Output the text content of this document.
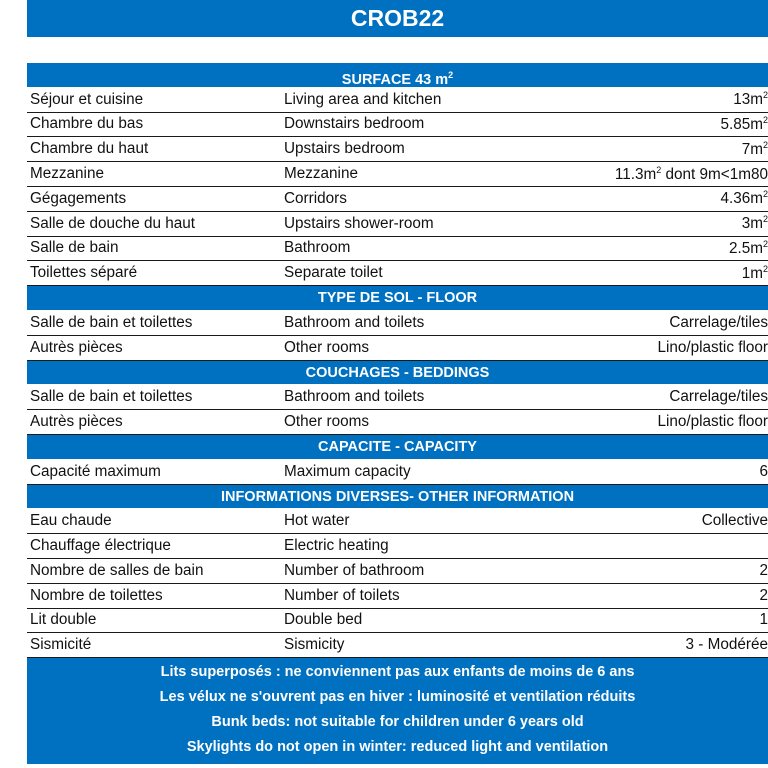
CROB22
SURFACE 43 $m^2$
Séjour et cuisine	Living area and kitchen	$13m^2$
Chambre du bas	Downstairs bedroom	$5.85m^2$
Chambre du haut	Upstairs bedroom	$7m^2$
Mezzanine	Mezzanine	$11.3m^2$ dont 9m<1m80
Gégagements	Corridors	$4.36m^2$
Salle de douche du haut	Upstairs shower-room	$3m^2$
Salle de bain	Bathroom	$2.5m^2$
Toilettes séparé	Separate toilet	$1m^2$
TYPE DE SOL - FLOOR
Salle de bain et toilettes	Bathroom and toilets	Carrelage/tiles
Autrès pièces	Other rooms	Lino/plastic floor
COUCHAGES - BEDDINGS
Salle de bain et toilettes	Bathroom and toilets	Carrelage/tiles
Autrès pièces	Other rooms	Lino/plastic floor
CAPACITE - CAPACITY
Capacité maximum	Maximum capacity	6
INFORMATIONS DIVERSES- OTHER INFORMATION
Eau chaude	Hot water	Collective
Chauffage électrique	Electric heating
Nombre de salles de bain	Number of bathroom	2
Nombre de toilettes	Number of toilets	2
Lit double	Double bed	1
Sismicité	Sismicity	3 - Modérée
Lits superposés : ne conviennent pas aux enfants de moins de 6 ans
Les vélux ne s'ouvrent pas en hiver : luminosité et ventilation réduits
Bunk beds: not suitable for children under 6 years old
Skylights do not open in winter: reduced light and ventilation
